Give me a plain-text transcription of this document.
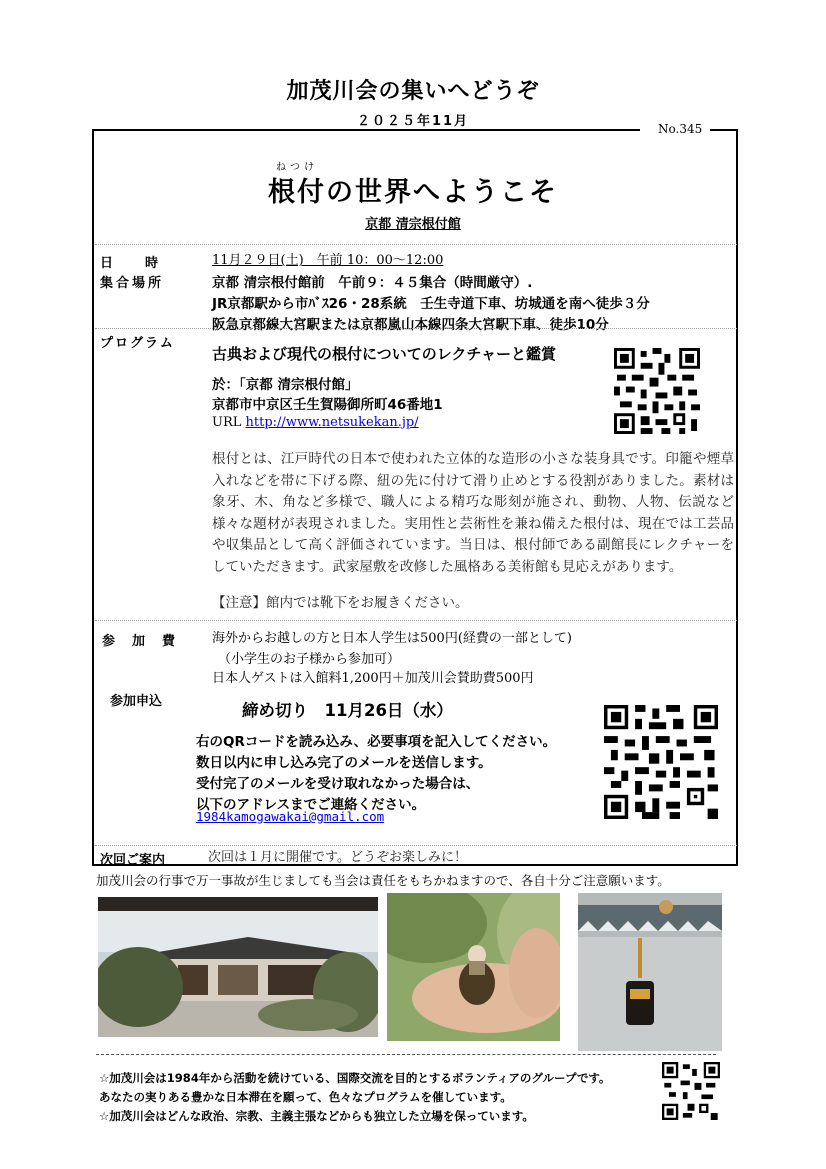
加茂川会の集いへどうぞ
２０２５年11月	No.345
ねつけ
根付の世界へようこそ
京都 清宗根付館
日　　時	11月２９日(土)　午前 10：00～12:00
集合場所	京都 清宗根付館前　午前９：４５集合（時間厳守）.
JR京都駅から市ﾊﾞｽ26・28系統　壬生寺道下車、坊城通を南へ徒歩３分
阪急京都線大宮駅または京都嵐山本線四条大宮駅下車、徒歩10分
プログラム
古典および現代の根付についてのレクチャーと鑑賞
於：「京都 清宗根付館」
京都市中京区壬生賀陽御所町46番地1
URL http://www.netsukekan.jp/
根付とは、江戸時代の日本で使われた立体的な造形の小さな装身具です。印籠や煙草入れなどを帯に下げる際、紐の先に付けて滑り止めとする役割がありました。素材は象牙、木、角など多様で、職人による精巧な彫刻が施され、動物、人物、伝説など様々な題材が表現されました。実用性と芸術性を兼ね備えた根付は、現在では工芸品や収集品として高く評価されています。当日は、根付師である副館長にレクチャーをしていただきます。武家屋敷を改修した風格ある美術館も見応えがあります。
【注意】館内では靴下をお履きください。
参　加　費	海外からお越しの方と日本人学生は500円(経費の一部として)
（小学生のお子様から参加可）
日本人ゲストは入館料1,200円＋加茂川会賛助費500円
参加申込	締め切り　11月26日（水）
右のQRコードを読み込み、必要事項を記入してください。
数日以内に申し込み完了のメールを送信します。
受付完了のメールを受け取れなかった場合は、
以下のアドレスまでご連絡ください。
1984kamogawakai@gmail.com
次回ご案内	次回は１月に開催です。どうぞお楽しみに！
加茂川会の行事で万一事故が生じましても当会は責任をもちかねますので、各自十分ご注意願います。
☆加茂川会は1984年から活動を続けている、国際交流を目的とするボランティアのグループです。
あなたの実りある豊かな日本滞在を願って、色々なプログラムを催しています。
☆加茂川会はどんな政治、宗教、主義主張などからも独立した立場を保っています。
